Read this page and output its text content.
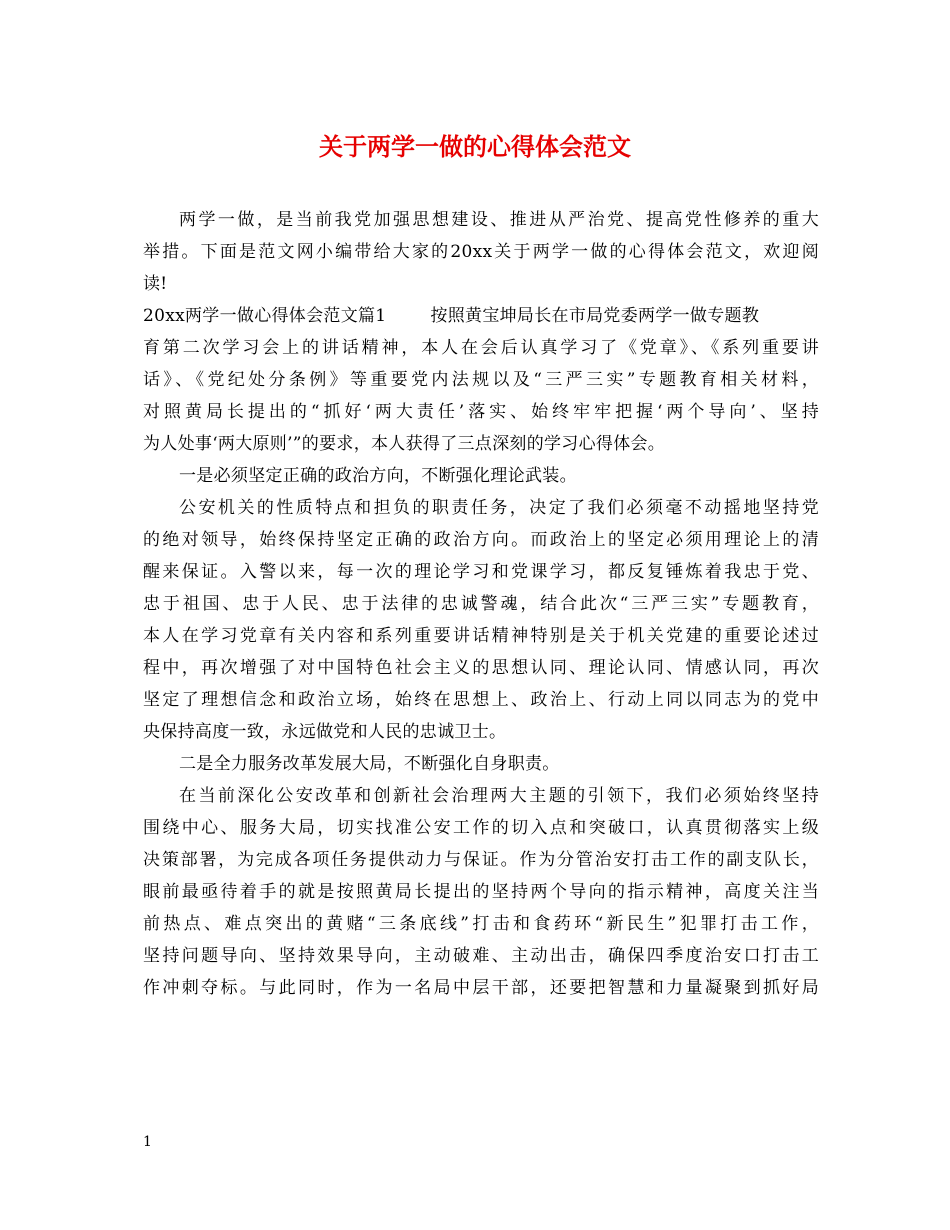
关于两学一做的心得体会范文
两学一做，是当前我党加强思想建设、推进从严治党、提高党性修养的重大
举措。下面是范文网小编带给大家的20xx关于两学一做的心得体会范文，欢迎阅
读!
20xx两学一做心得体会范文篇1	按照黄宝坤局长在市局党委两学一做专题教
育第二次学习会上的讲话精神，本人在会后认真学习了《党章》、《系列重要讲
话》、《党纪处分条例》等重要党内法规以及“三严三实”专题教育相关材料，
对照黄局长提出的“抓好‘两大责任’落实、始终牢牢把握‘两个导向’、坚持
为人处事‘两大原则’”的要求，本人获得了三点深刻的学习心得体会。
一是必须坚定正确的政治方向，不断强化理论武装。
公安机关的性质特点和担负的职责任务，决定了我们必须毫不动摇地坚持党
的绝对领导，始终保持坚定正确的政治方向。而政治上的坚定必须用理论上的清
醒来保证。入警以来，每一次的理论学习和党课学习，都反复锤炼着我忠于党、
忠于祖国、忠于人民、忠于法律的忠诚警魂，结合此次“三严三实”专题教育，
本人在学习党章有关内容和系列重要讲话精神特别是关于机关党建的重要论述过
程中，再次增强了对中国特色社会主义的思想认同、理论认同、情感认同，再次
坚定了理想信念和政治立场，始终在思想上、政治上、行动上同以同志为的党中
央保持高度一致，永远做党和人民的忠诚卫士。
二是全力服务改革发展大局，不断强化自身职责。
在当前深化公安改革和创新社会治理两大主题的引领下，我们必须始终坚持
围绕中心、服务大局，切实找准公安工作的切入点和突破口，认真贯彻落实上级
决策部署，为完成各项任务提供动力与保证。作为分管治安打击工作的副支队长，
眼前最亟待着手的就是按照黄局长提出的坚持两个导向的指示精神，高度关注当
前热点、难点突出的黄赌“三条底线”打击和食药环“新民生”犯罪打击工作，
坚持问题导向、坚持效果导向，主动破难、主动出击，确保四季度治安口打击工
作冲刺夺标。与此同时，作为一名局中层干部，还要把智慧和力量凝聚到抓好局
1
